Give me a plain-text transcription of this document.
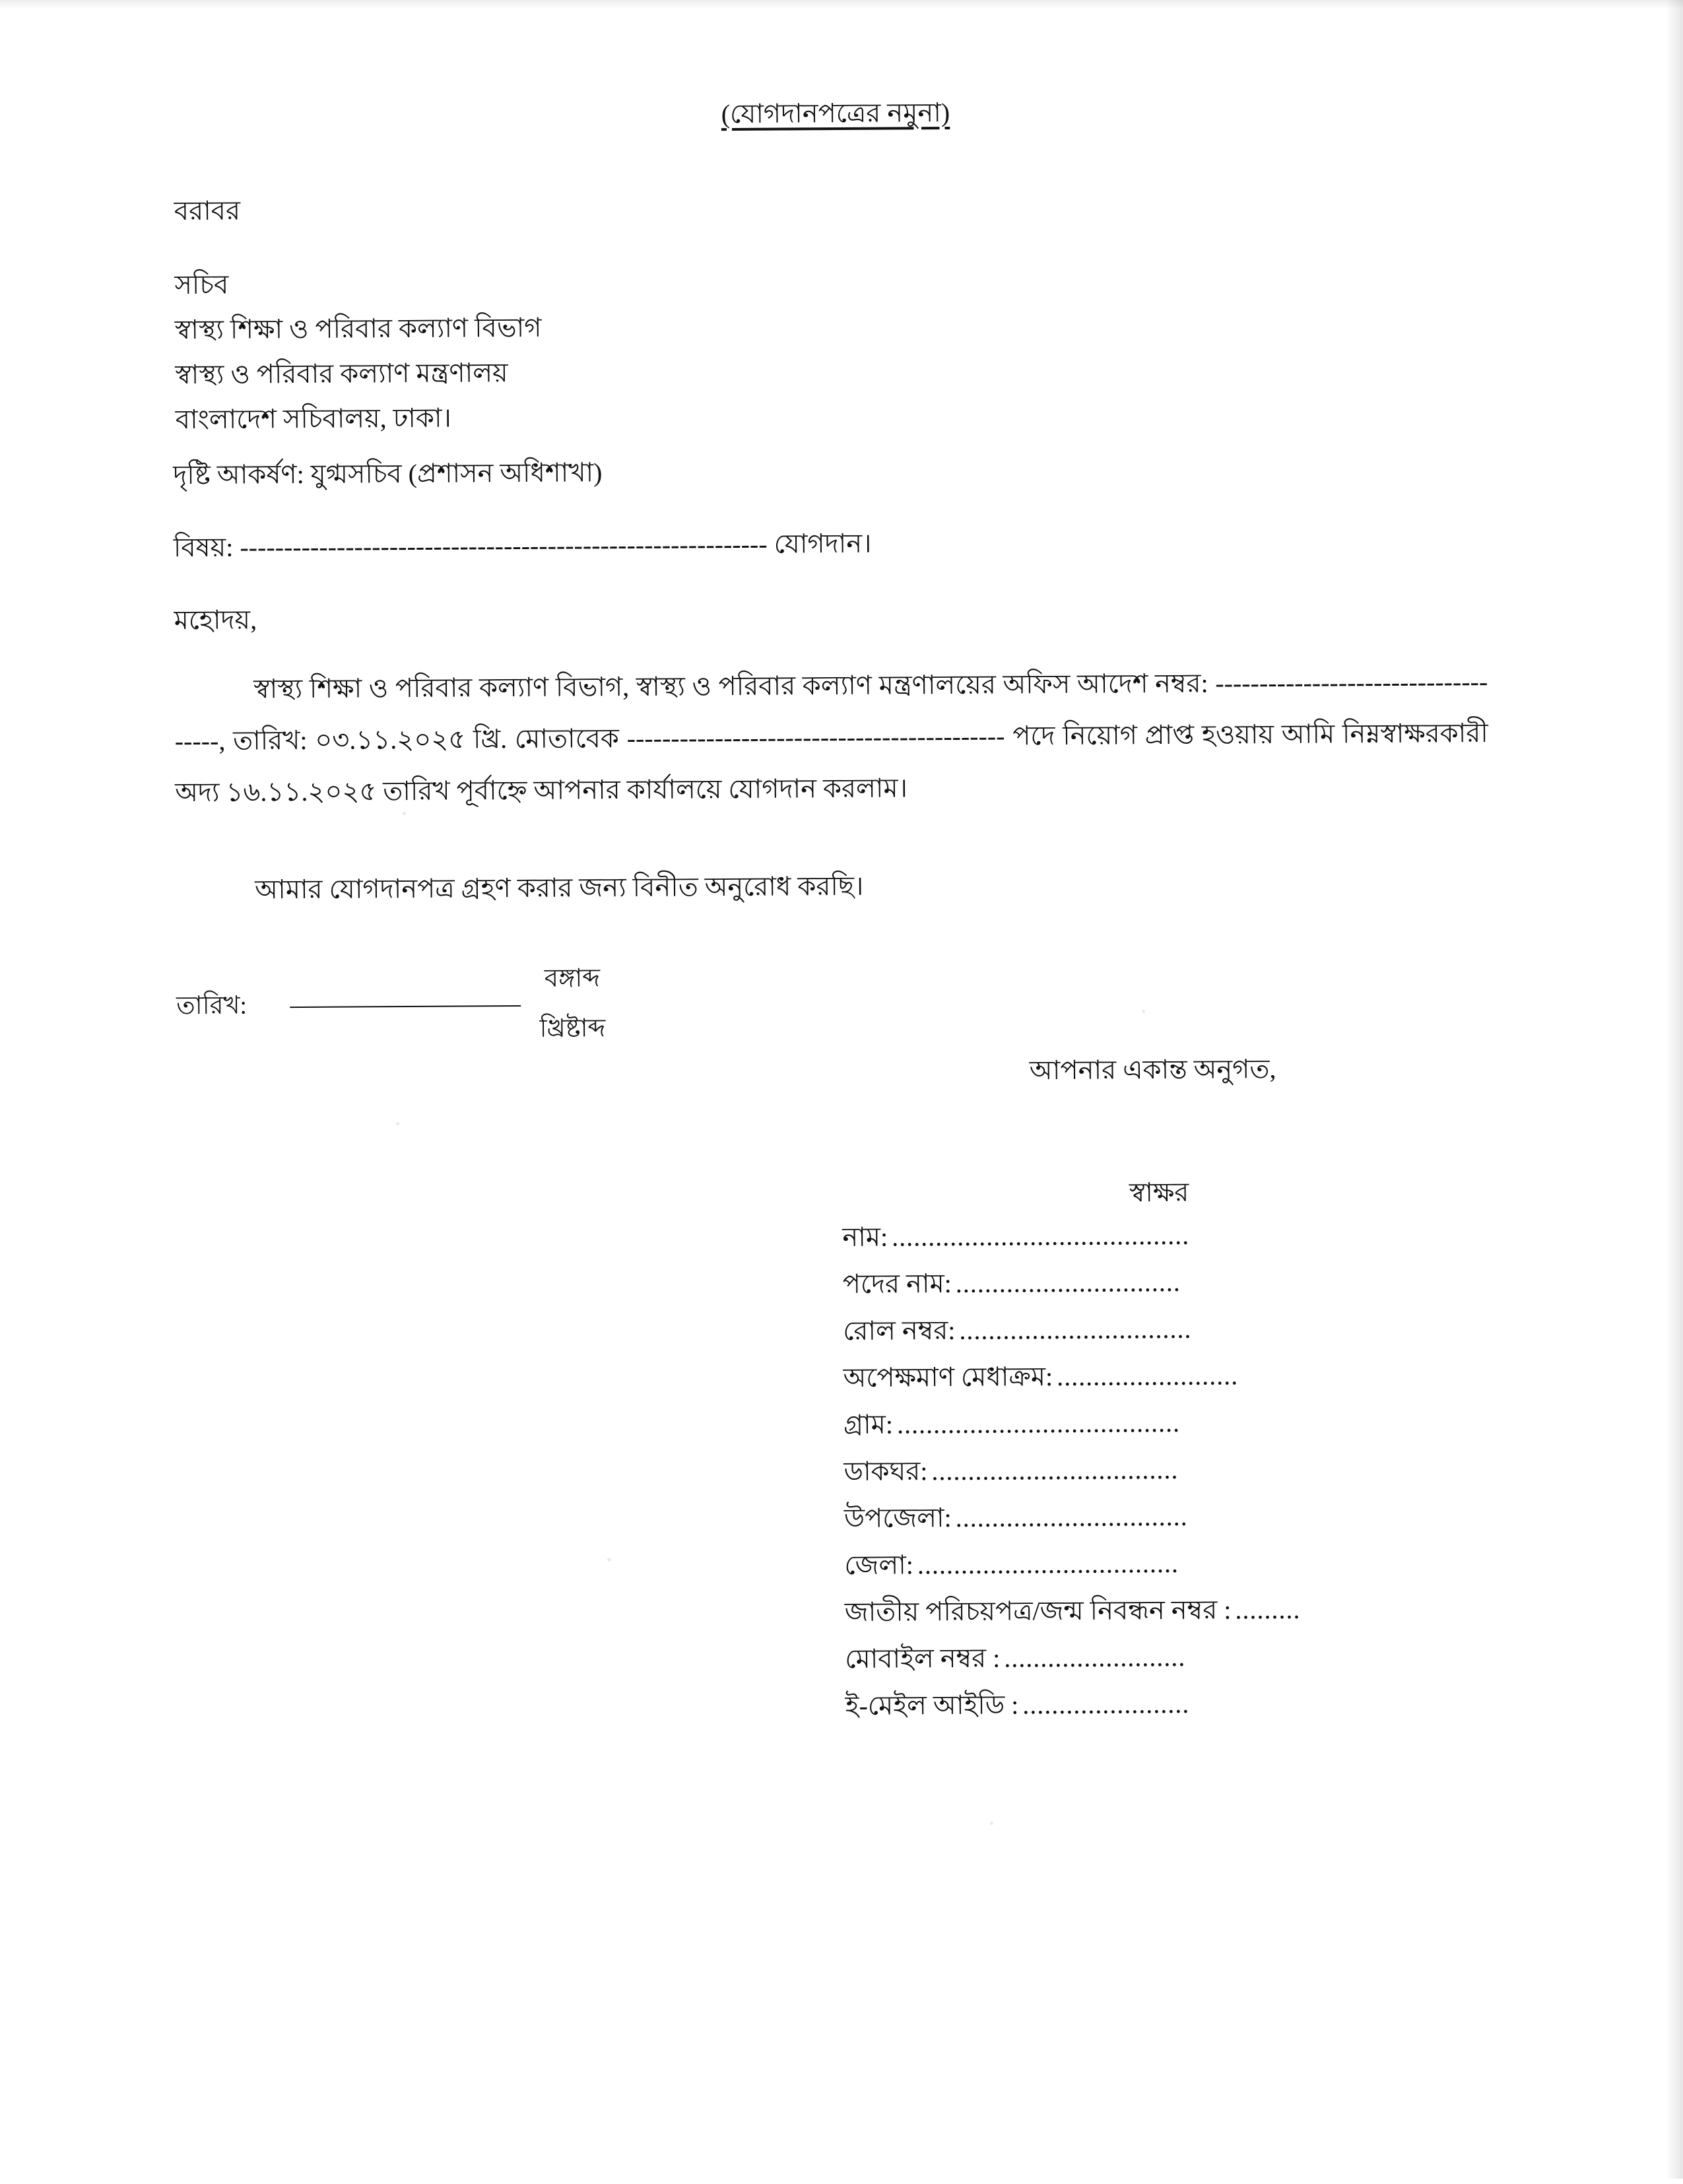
(যোগদানপত্রের নমুনা)
বরাবর
সচিব
স্বাস্থ্য শিক্ষা ও পরিবার কল্যাণ বিভাগ
স্বাস্থ্য ও পরিবার কল্যাণ মন্ত্রণালয়
বাংলাদেশ সচিবালয়, ঢাকা।
দৃষ্টি আকর্ষণ: যুগ্মসচিব (প্রশাসন অধিশাখা)
বিষয়: ------------------------------------------------------------ যোগদান।
মহোদয়,
স্বাস্থ্য শিক্ষা ও পরিবার কল্যাণ বিভাগ, স্বাস্থ্য ও পরিবার কল্যাণ মন্ত্রণালয়ের অফিস আদেশ নম্বর: ------------------------------------, তারিখ: ০৩.১১.২০২৫ খ্রি. মোতাবেক ------------------------------------------- পদে নিয়োগ প্রাপ্ত হওয়ায় আমি নিম্নস্বাক্ষরকারী অদ্য ১৬.১১.২০২৫ তারিখ পূর্বাহ্নে আপনার কার্যালয়ে যোগদান করলাম।
আমার যোগদানপত্র গ্রহণ করার জন্য বিনীত অনুরোধ করছি।
তারিখ:
বঙ্গাব্দ
খ্রিষ্টাব্দ
আপনার একান্ত অনুগত,
স্বাক্ষর
নাম: .........................................
পদের নাম: ...............................
রোল নম্বর: ................................
অপেক্ষমাণ মেধাক্রম: .........................
গ্রাম: .......................................
ডাকঘর: ..................................
উপজেলা: ................................
জেলা: ....................................
জাতীয় পরিচয়পত্র/জন্ম নিবন্ধন নম্বর : .........
মোবাইল নম্বর : .........................
ই-মেইল আইডি : .......................
